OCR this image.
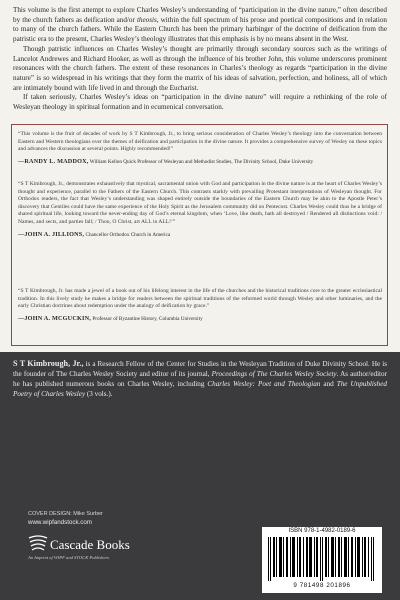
This volume is the first attempt to explore Charles Wesley’s understanding of “participation in the divine nature,” often described by the church fathers as deification and/or theosis, within the full spectrum of his prose and poetical compositions and in relation to many of the church fathers. While the Eastern Church has been the primary harbinger of the doctrine of deification from the patristic era to the present, Charles Wesley’s theology illustrates that this emphasis is by no means absent in the West.

Though patristic influences on Charles Wesley’s thought are primarily through secondary sources such as the writings of Lancelot Andrewes and Richard Hooker, as well as through the influence of his brother John, this volume underscores prominent resonances with the church fathers. The extent of these resonances in Charles’s theology as regards “participation in the divine nature” is so widespread in his writings that they form the matrix of his ideas of salvation, perfection, and holiness, all of which are intimately bound with life lived in and through the Eucharist.

If taken seriously, Charles Wesley’s ideas on “participation in the divine nature” will require a rethinking of the role of Wesleyan theology in spiritual formation and in ecumenical conversation.

“This volume is the fruit of decades of work by S T Kimbrough, Jr., to bring serious consideration of Charles Wesley’s theology into the conversation between Eastern and Western theologians over the themes of deification and participation in the divine nature. It provides a comprehensive survey of Wesley on these topics and advances the discussion at several points. Highly recommended!”

—RANDY L. MADDOX, William Kellon Quick Professor of Wesleyan and Methodist Studies, The Divinity School, Duke University

“S T Kimbrough, Jr., demonstrates exhaustively that mystical, sacramental union with God and participation in the divine nature is at the heart of Charles Wesley’s thought and experience, parallel to the Fathers of the Eastern Church. This contrasts starkly with prevailing Protestant interpretations of Wesleyan thought. For Orthodox readers, the fact that Wesley’s understanding was shaped entirely outside the boundaries of the Eastern Church may be akin to the Apostle Peter’s discovery that Gentiles could have the same experience of the Holy Spirit as the Jerusalem community did on Pentecost. Charles Wesley could thus be a bridge of shared spiritual life, looking toward the never-ending day of God’s eternal kingdom, when ‘Love, like death, hath all destroyed / Rendered all distinctions void: / Names, and sects, and parties fall; / Thou, O Christ, art ALL in ALL!’”

—JOHN A. JILLIONS, Chancellor Orthodox Church in America

“S T Kimbrough, Jr. has made a jewel of a book out of his lifelong interest in the life of the churches and the historical traditions core to the greater ecclesiastical tradition. In this lively study he makes a bridge for readers between the spiritual traditions of the reformed world through Wesley and other luminaries, and the early Christian doctrines about redemption under the analogy of deification by grace.”

—JOHN A. MCGUCKIN, Professor of Byzantine History, Columbia University
S T Kimbrough, Jr., is a Research Fellow of the Center for Studies in the Wesleyan Tradition of Duke Divinity School. He is the founder of The Charles Wesley Society and editor of its journal, Proceedings of The Charles Wesley Society. As author/editor he has published numerous books on Charles Wesley, including Charles Wesley: Poet and Theologian and The Unpublished Poetry of Charles Wesley (3 vols.).
COVER DESIGN: Mike Surber
www.wipfandstock.com
Cascade Books
An Imprint of WIPF and STOCK Publishers
ISBN 978-1-4982-0189-6
9 781498 201896
